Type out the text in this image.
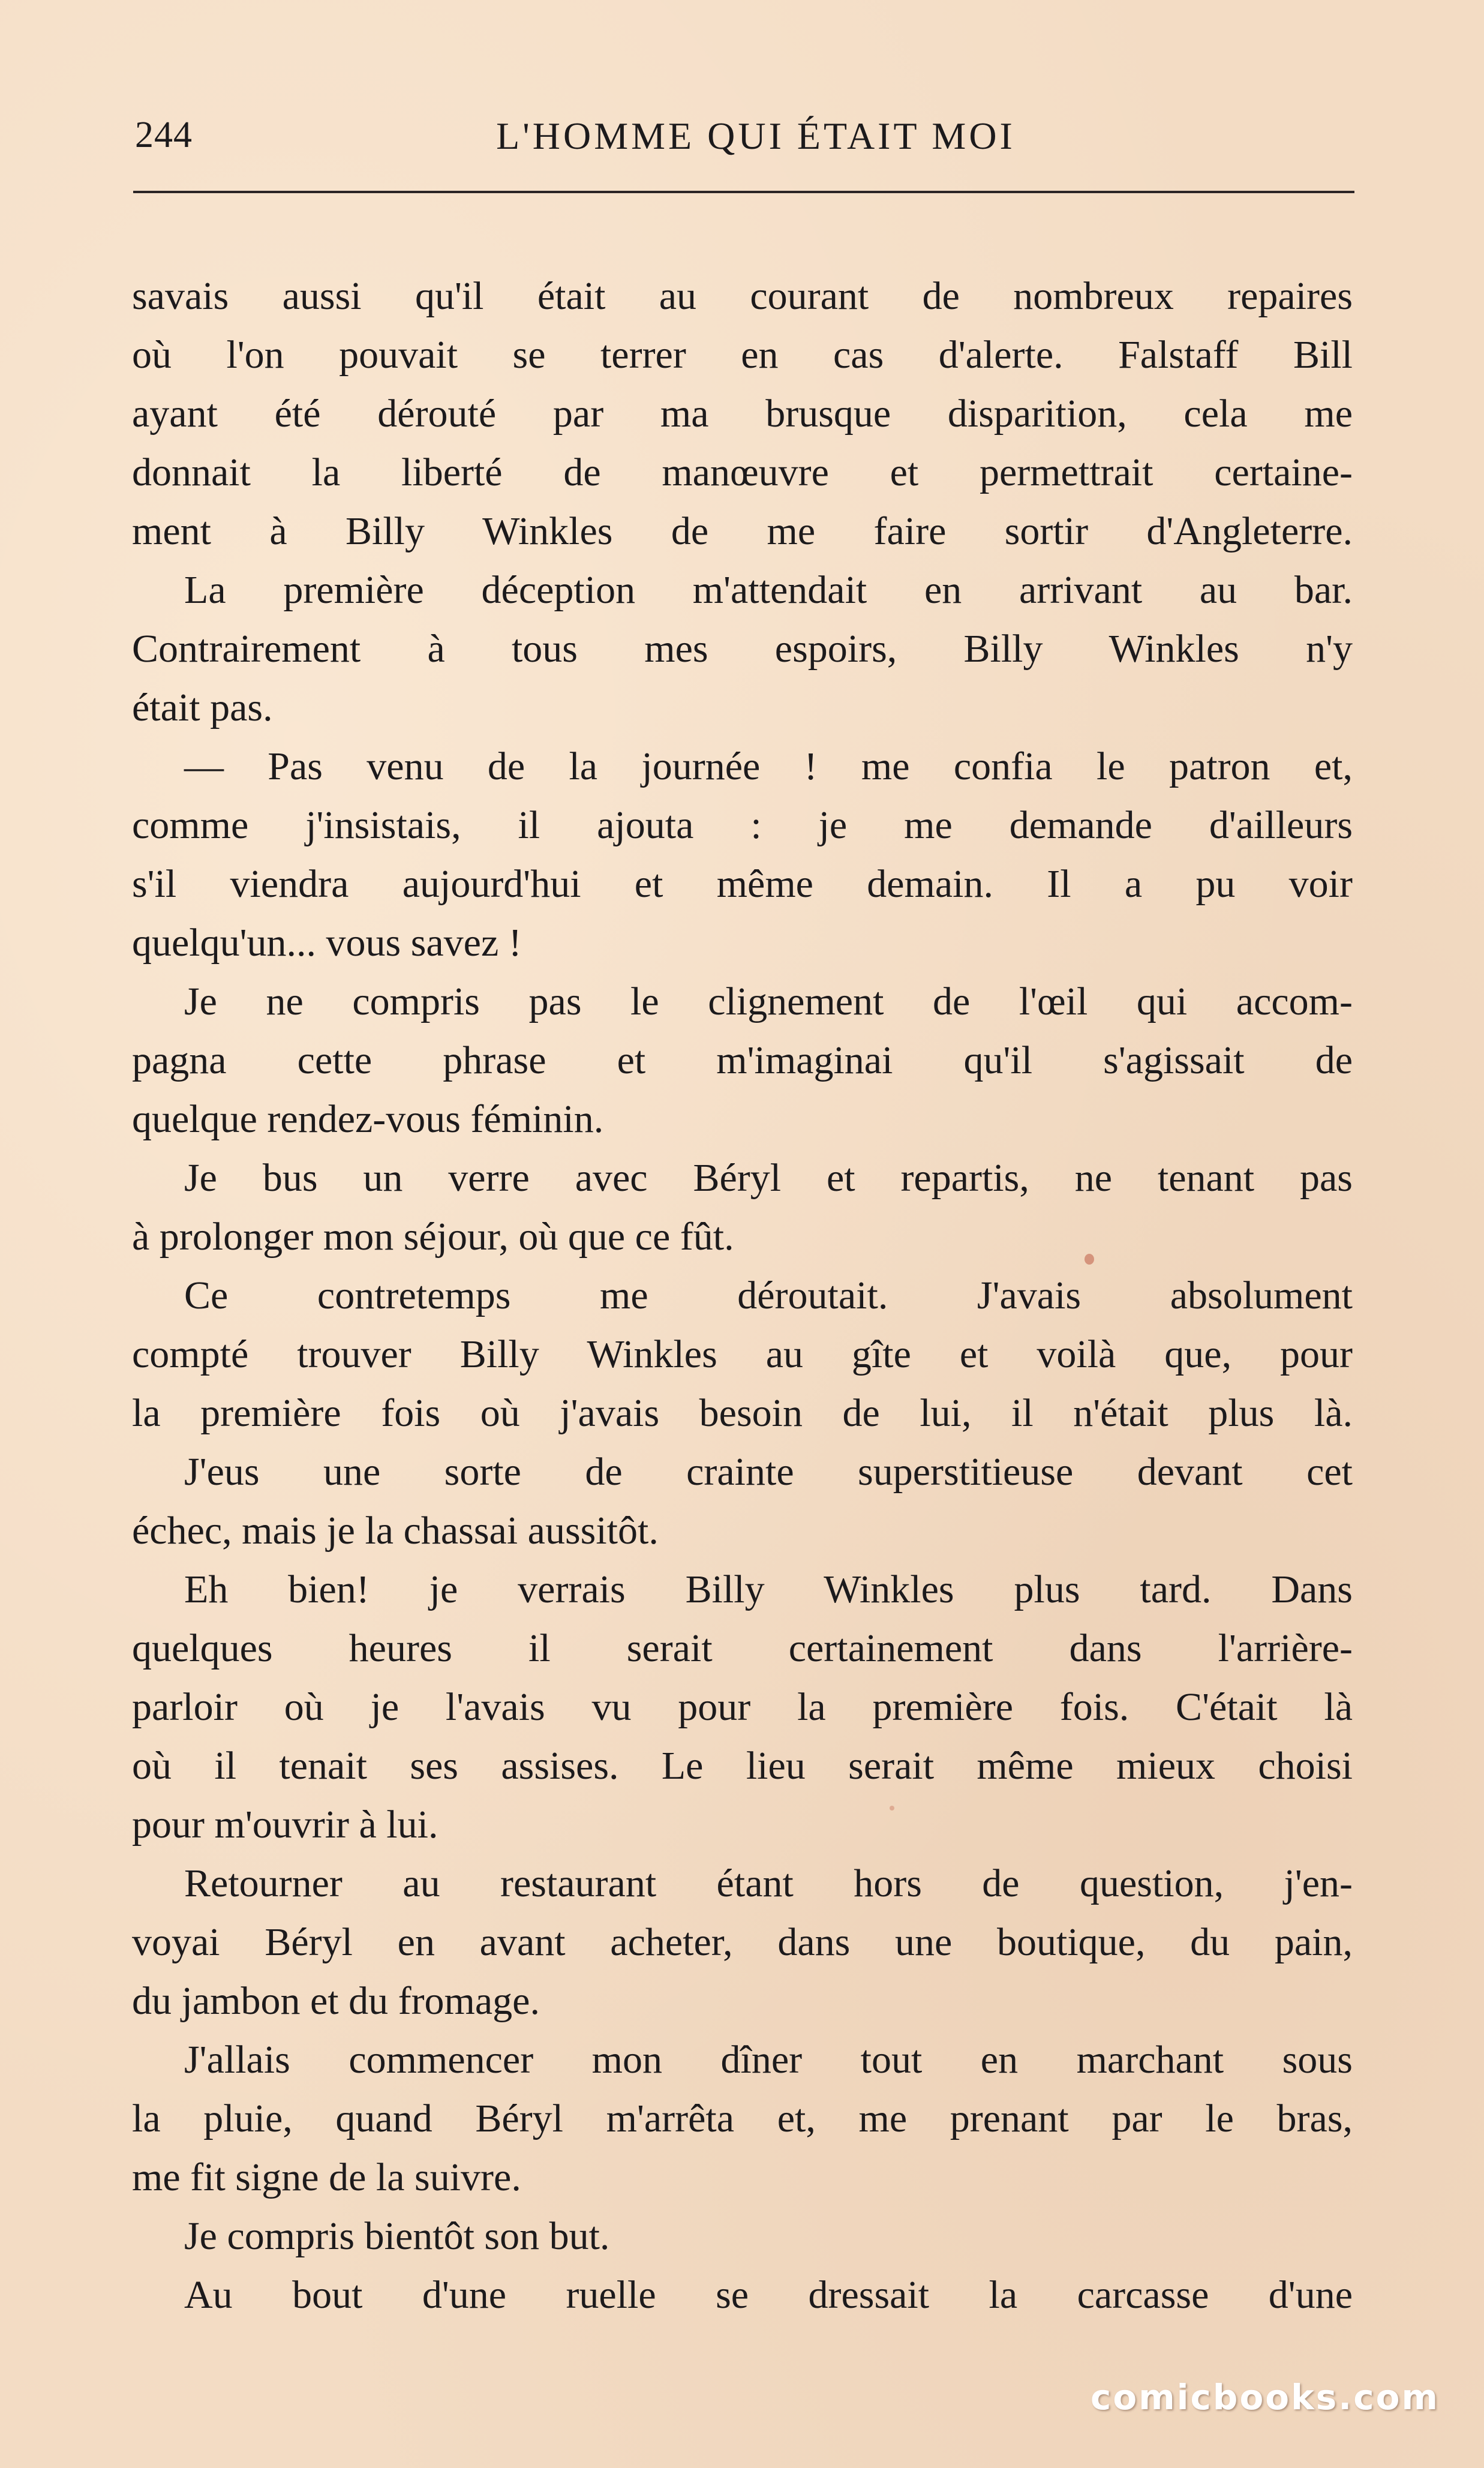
244	L'HOMME QUI ÉTAIT MOI
savais aussi qu'il était au courant de nombreux repaires
où l'on pouvait se terrer en cas d'alerte. Falstaff Bill
ayant été dérouté par ma brusque disparition, cela me
donnait la liberté de manœuvre et permettrait certaine-
ment à Billy Winkles de me faire sortir d'Angleterre.
La première déception m'attendait en arrivant au bar.
Contrairement à tous mes espoirs, Billy Winkles n'y
était pas.
— Pas venu de la journée ! me confia le patron et,
comme j'insistais, il ajouta : je me demande d'ailleurs
s'il viendra aujourd'hui et même demain. Il a pu voir
quelqu'un... vous savez !
Je ne compris pas le clignement de l'œil qui accom-
pagna cette phrase et m'imaginai qu'il s'agissait de
quelque rendez-vous féminin.
Je bus un verre avec Béryl et repartis, ne tenant pas
à prolonger mon séjour, où que ce fût.
Ce contretemps me déroutait. J'avais absolument
compté trouver Billy Winkles au gîte et voilà que, pour
la première fois où j'avais besoin de lui, il n'était plus là.
J'eus une sorte de crainte superstitieuse devant cet
échec, mais je la chassai aussitôt.
Eh bien! je verrais Billy Winkles plus tard. Dans
quelques heures il serait certainement dans l'arrière-
parloir où je l'avais vu pour la première fois. C'était là
où il tenait ses assises. Le lieu serait même mieux choisi
pour m'ouvrir à lui.
Retourner au restaurant étant hors de question, j'en-
voyai Béryl en avant acheter, dans une boutique, du pain,
du jambon et du fromage.
J'allais commencer mon dîner tout en marchant sous
la pluie, quand Béryl m'arrêta et, me prenant par le bras,
me fit signe de la suivre.
Je compris bientôt son but.
Au bout d'une ruelle se dressait la carcasse d'une
comicbooks.com
